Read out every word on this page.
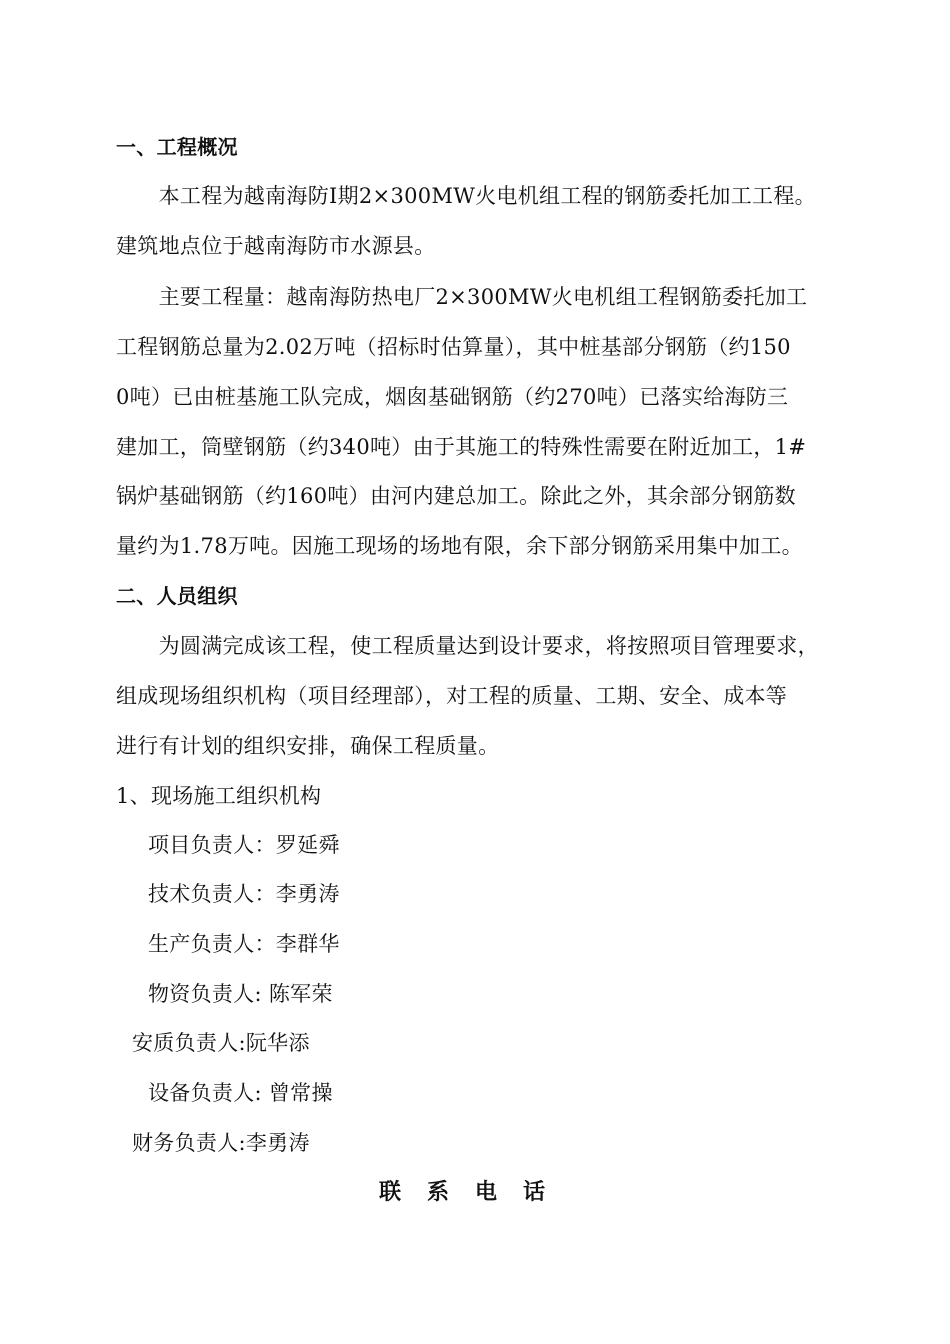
一、工程概况
　　本工程为越南海防Ⅰ期2×300MW火电机组工程的钢筋委托加工工程。
建筑地点位于越南海防市水源县。
　　主要工程量：越南海防热电厂2×300MW火电机组工程钢筋委托加工
工程钢筋总量为2.02万吨（招标时估算量），其中桩基部分钢筋（约150
0吨）已由桩基施工队完成，烟囱基础钢筋（约270吨）已落实给海防三
建加工，筒壁钢筋（约340吨）由于其施工的特殊性需要在附近加工，1#
锅炉基础钢筋（约160吨）由河内建总加工。除此之外，其余部分钢筋数
量约为1.78万吨。因施工现场的场地有限，余下部分钢筋采用集中加工。
二、人员组织
　　为圆满完成该工程，使工程质量达到设计要求，将按照项目管理要求，
组成现场组织机构（项目经理部），对工程的质量、工期、安全、成本等
进行有计划的组织安排，确保工程质量。
1、现场施工组织机构
项目负责人：罗延舜
技术负责人：李勇涛
生产负责人：李群华
物资负责人: 陈军荣
安质负责人:阮华添
设备负责人: 曾常操
财务负责人:李勇涛
联系电话
